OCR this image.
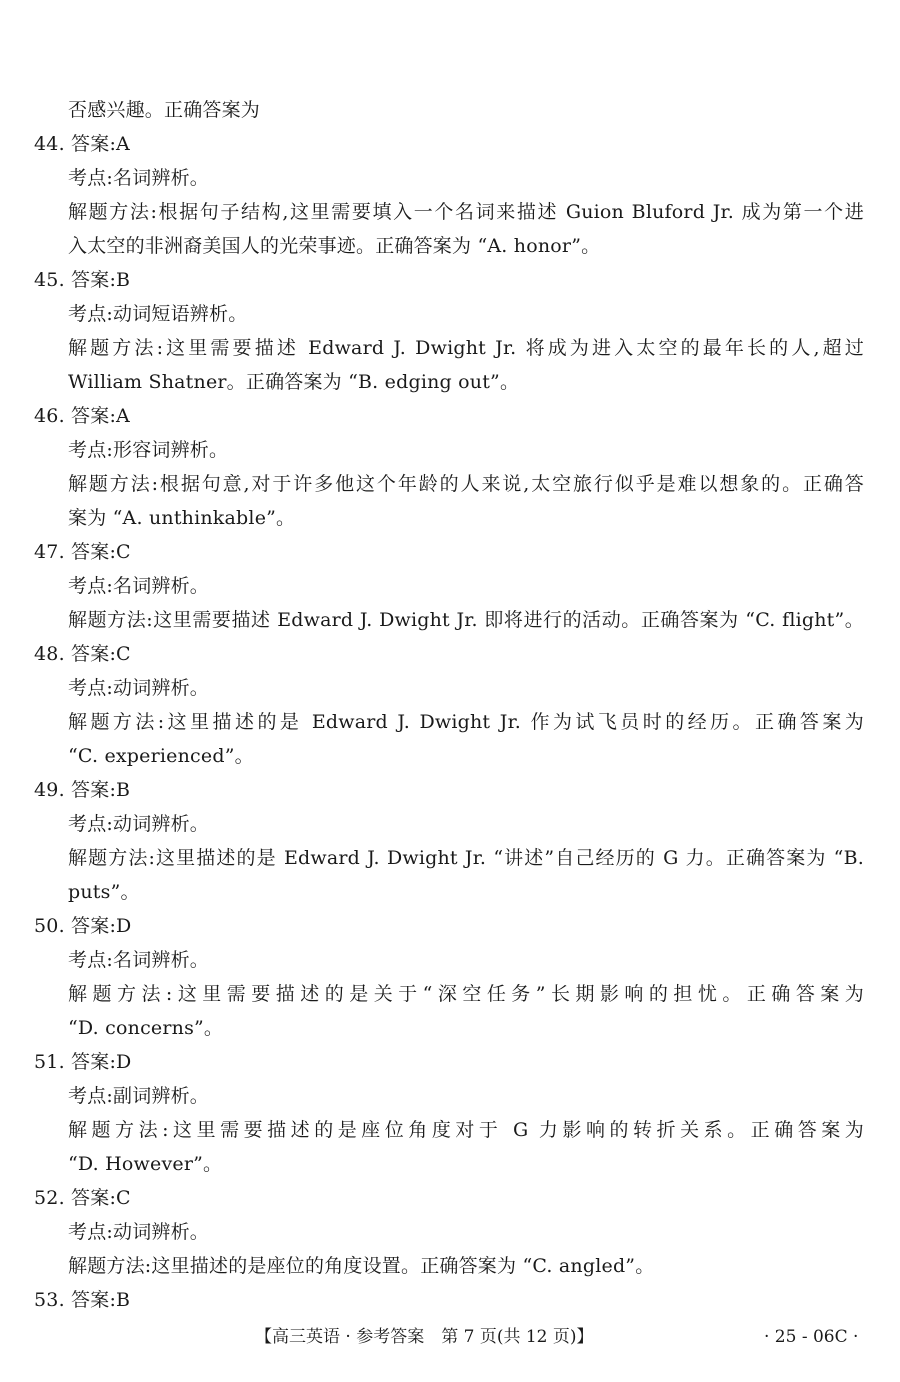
否感兴趣。正确答案为
44. 答案:A
考点:名词辨析。
解题方法:根据句子结构,这里需要填入一个名词来描述 Guion Bluford Jr. 成为第一个进
入太空的非洲裔美国人的光荣事迹。正确答案为 “A. honor”。
45. 答案:B
考点:动词短语辨析。
解题方法:这里需要描述 Edward J. Dwight Jr. 将成为进入太空的最年长的人,超过
William Shatner。正确答案为 “B. edging out”。
46. 答案:A
考点:形容词辨析。
解题方法:根据句意,对于许多他这个年龄的人来说,太空旅行似乎是难以想象的。正确答
案为 “A. unthinkable”。
47. 答案:C
考点:名词辨析。
解题方法:这里需要描述 Edward J. Dwight Jr. 即将进行的活动。正确答案为 “C. flight”。
48. 答案:C
考点:动词辨析。
解题方法:这里描述的是 Edward J. Dwight Jr. 作为试飞员时的经历。正确答案为
“C. experienced”。
49. 答案:B
考点:动词辨析。
解题方法:这里描述的是 Edward J. Dwight Jr. “讲述”自己经历的 G 力。正确答案为 “B.
puts”。
50. 答案:D
考点:名词辨析。
解题方法:这里需要描述的是关于“深空任务”长期影响的担忧。正确答案为
“D. concerns”。
51. 答案:D
考点:副词辨析。
解题方法:这里需要描述的是座位角度对于 G 力影响的转折关系。正确答案为
“D. However”。
52. 答案:C
考点:动词辨析。
解题方法:这里描述的是座位的角度设置。正确答案为 “C. angled”。
53. 答案:B
【高三英语 · 参考答案　第 7 页(共 12 页)】	· 25 - 06C ·
